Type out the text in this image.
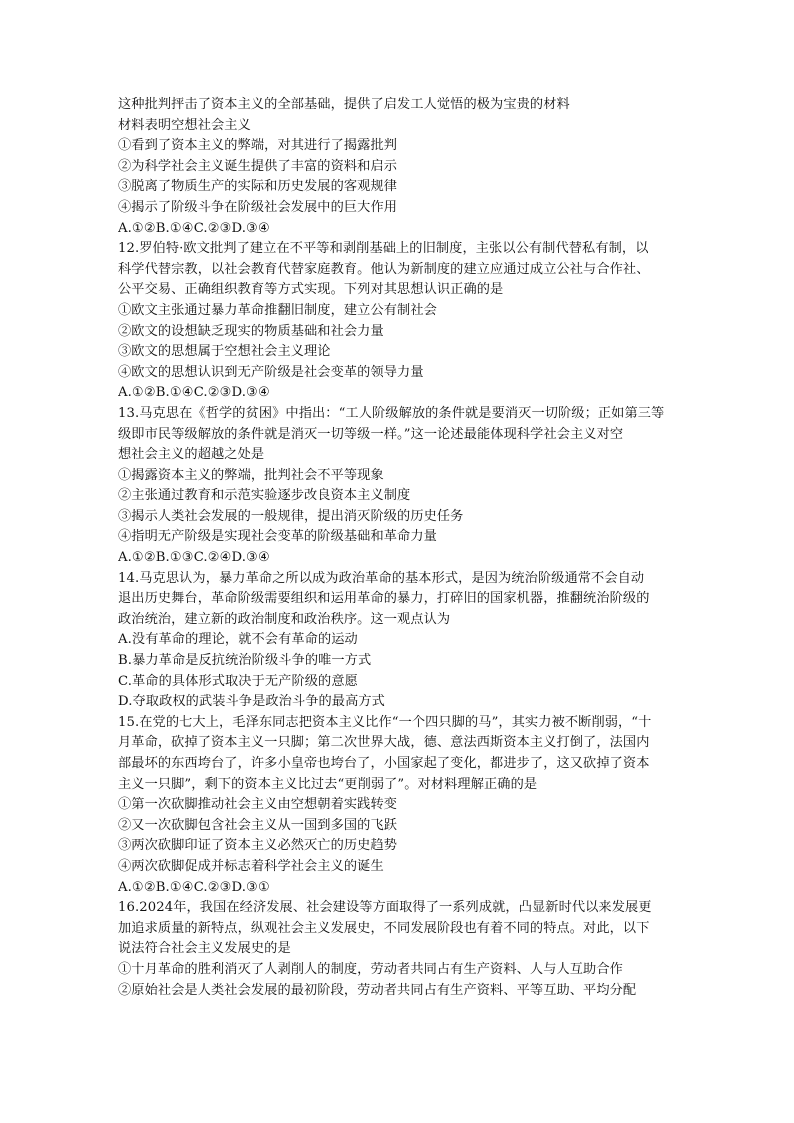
这种批判抨击了资本主义的全部基础，提供了启发工人觉悟的极为宝贵的材料
材料表明空想社会主义
①看到了资本主义的弊端，对其进行了揭露批判
②为科学社会主义诞生提供了丰富的资料和启示
③脱离了物质生产的实际和历史发展的客观规律
④揭示了阶级斗争在阶级社会发展中的巨大作用
A.①②B.①④C.②③D.③④
12.罗伯特·欧文批判了建立在不平等和剥削基础上的旧制度，主张以公有制代替私有制，以
科学代替宗教，以社会教育代替家庭教育。他认为新制度的建立应通过成立公社与合作社、
公平交易、正确组织教育等方式实现。下列对其思想认识正确的是
①欧文主张通过暴力革命推翻旧制度，建立公有制社会
②欧文的设想缺乏现实的物质基础和社会力量
③欧文的思想属于空想社会主义理论
④欧文的思想认识到无产阶级是社会变革的领导力量
A.①②B.①④C.②③D.③④
13.马克思在《哲学的贫困》中指出：“工人阶级解放的条件就是要消灭一切阶级；正如第三等
级即市民等级解放的条件就是消灭一切等级一样。”这一论述最能体现科学社会主义对空
想社会主义的超越之处是
①揭露资本主义的弊端，批判社会不平等现象
②主张通过教育和示范实验逐步改良资本主义制度
③揭示人类社会发展的一般规律，提出消灭阶级的历史任务
④指明无产阶级是实现社会变革的阶级基础和革命力量
A.①②B.①③C.②④D.③④
14.马克思认为，暴力革命之所以成为政治革命的基本形式，是因为统治阶级通常不会自动
退出历史舞台，革命阶级需要组织和运用革命的暴力，打碎旧的国家机器，推翻统治阶级的
政治统治，建立新的政治制度和政治秩序。这一观点认为
A.没有革命的理论，就不会有革命的运动
B.暴力革命是反抗统治阶级斗争的唯一方式
C.革命的具体形式取决于无产阶级的意愿
D.夺取政权的武装斗争是政治斗争的最高方式
15.在党的七大上，毛泽东同志把资本主义比作“一个四只脚的马”，其实力被不断削弱，“十
月革命，砍掉了资本主义一只脚；第二次世界大战，德、意法西斯资本主义打倒了，法国内
部最坏的东西垮台了，许多小皇帝也垮台了，小国家起了变化，都进步了，这又砍掉了资本
主义一只脚”，剩下的资本主义比过去“更削弱了”。对材料理解正确的是
①第一次砍脚推动社会主义由空想朝着实践转变
②又一次砍脚包含社会主义从一国到多国的飞跃
③两次砍脚印证了资本主义必然灭亡的历史趋势
④两次砍脚促成并标志着科学社会主义的诞生
A.①②B.①④C.②③D.③①
16.2024年，我国在经济发展、社会建设等方面取得了一系列成就，凸显新时代以来发展更
加追求质量的新特点，纵观社会主义发展史，不同发展阶段也有着不同的特点。对此，以下
说法符合社会主义发展史的是
①十月革命的胜利消灭了人剥削人的制度，劳动者共同占有生产资料、人与人互助合作
②原始社会是人类社会发展的最初阶段，劳动者共同占有生产资料、平等互助、平均分配
